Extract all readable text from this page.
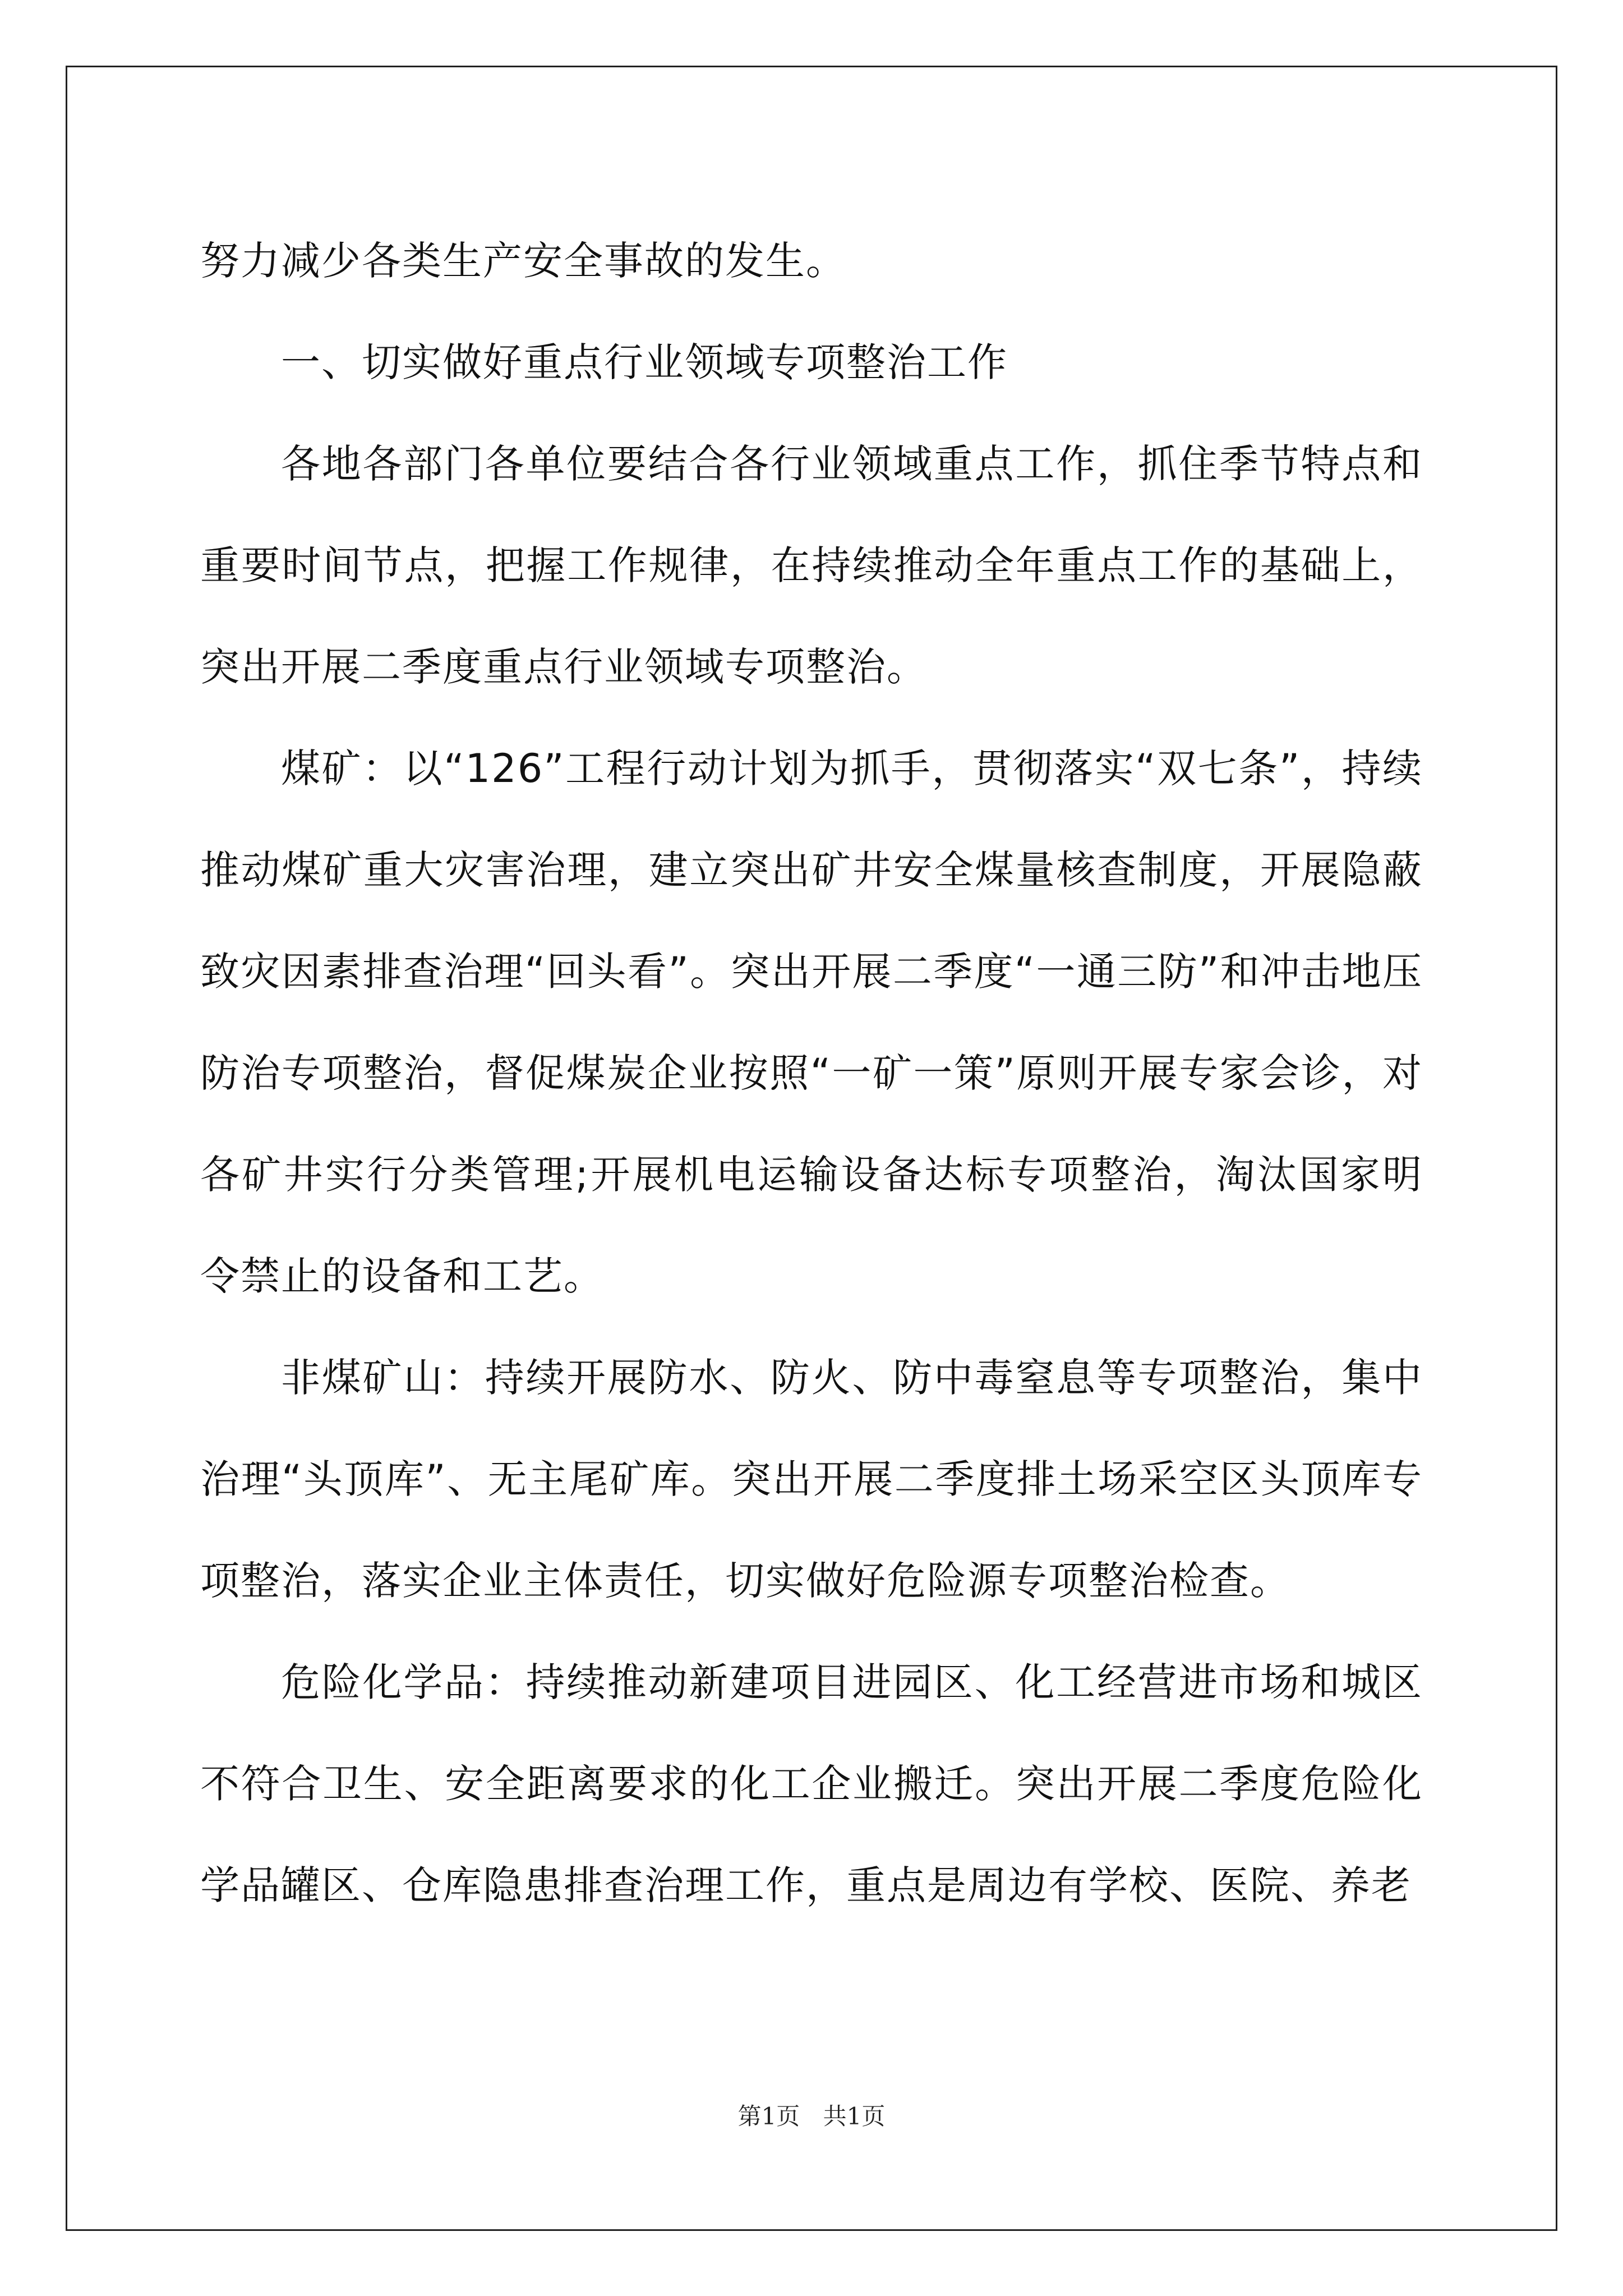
努力减少各类生产安全事故的发生。

一、切实做好重点行业领域专项整治工作

各地各部门各单位要结合各行业领域重点工作，抓住季节特点和重要时间节点，把握工作规律，在持续推动全年重点工作的基础上，突出开展二季度重点行业领域专项整治。

煤矿：以“126”工程行动计划为抓手，贯彻落实“双七条”，持续推动煤矿重大灾害治理，建立突出矿井安全煤量核查制度，开展隐蔽致灾因素排查治理“回头看”。突出开展二季度“一通三防”和冲击地压防治专项整治，督促煤炭企业按照“一矿一策”原则开展专家会诊，对各矿井实行分类管理;开展机电运输设备达标专项整治，淘汰国家明令禁止的设备和工艺。

非煤矿山：持续开展防水、防火、防中毒窒息等专项整治，集中治理“头顶库”、无主尾矿库。突出开展二季度排土场采空区头顶库专项整治，落实企业主体责任，切实做好危险源专项整治检查。

危险化学品：持续推动新建项目进园区、化工经营进市场和城区不符合卫生、安全距离要求的化工企业搬迁。突出开展二季度危险化学品罐区、仓库隐患排查治理工作，重点是周边有学校、医院、养老

第1页 共1页
